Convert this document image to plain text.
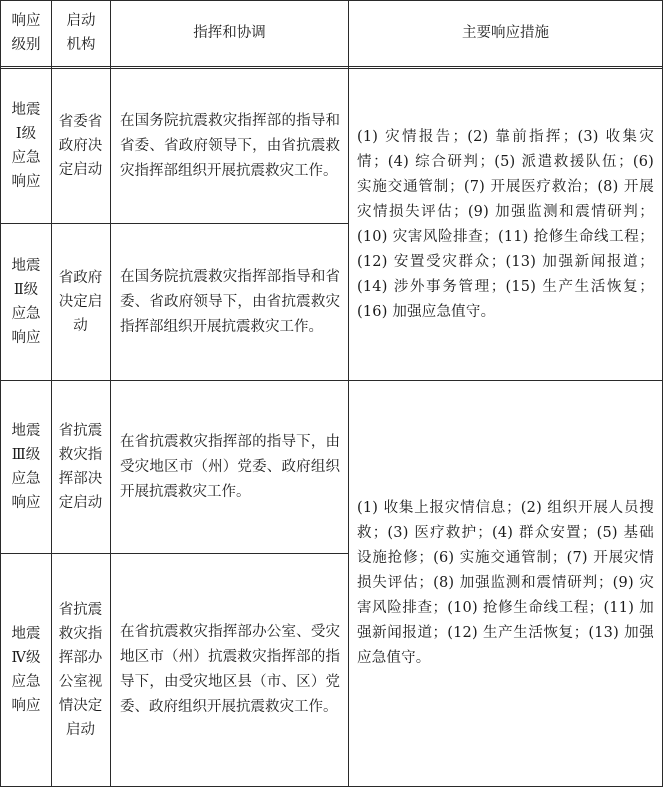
响应级别
启动机构
指挥和协调	主要响应措施
地震Ⅰ级应急响应
省委省政府决定启动
在国务院抗震救灾指挥部的指导和省委、省政府领导下，由省抗震救灾指挥部组织开展抗震救灾工作。
地震Ⅱ级应急响应
省政府决定启动
在国务院抗震救灾指挥部指导和省委、省政府领导下，由省抗震救灾指挥部组织开展抗震救灾工作。
(1) 灾情报告；(2) 靠前指挥；(3) 收集灾情；(4) 综合研判；(5) 派遣救援队伍；(6) 实施交通管制；(7) 开展医疗救治；(8) 开展灾情损失评估；(9) 加强监测和震情研判；(10) 灾害风险排查；(11) 抢修生命线工程；(12) 安置受灾群众；(13) 加强新闻报道；(14) 涉外事务管理；(15) 生产生活恢复；(16) 加强应急值守。
地震Ⅲ级应急响应
省抗震救灾指挥部决定启动
在省抗震救灾指挥部的指导下，由受灾地区市（州）党委、政府组织开展抗震救灾工作。
地震Ⅳ级应急响应
省抗震救灾指挥部办公室视情决定启动
在省抗震救灾指挥部办公室、受灾地区市（州）抗震救灾指挥部的指导下，由受灾地区县（市、区）党委、政府组织开展抗震救灾工作。
(1) 收集上报灾情信息；(2) 组织开展人员搜救；(3) 医疗救护；(4) 群众安置；(5) 基础设施抢修；(6) 实施交通管制；(7) 开展灾情损失评估；(8) 加强监测和震情研判；(9) 灾害风险排查；(10) 抢修生命线工程；(11) 加强新闻报道；(12) 生产生活恢复；(13) 加强应急值守。
